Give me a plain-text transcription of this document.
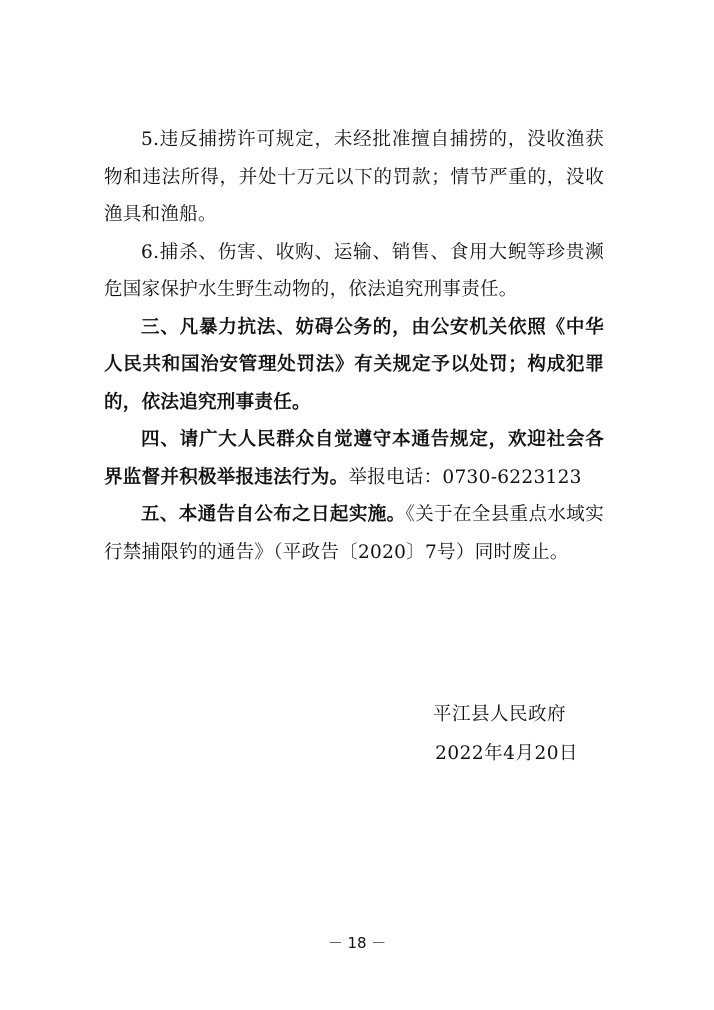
5.违反捕捞许可规定，未经批准擅自捕捞的，没收渔获物和违法所得，并处十万元以下的罚款；情节严重的，没收渔具和渔船。

6.捕杀、伤害、收购、运输、销售、食用大鲵等珍贵濒危国家保护水生野生动物的，依法追究刑事责任。

三、凡暴力抗法、妨碍公务的，由公安机关依照《中华人民共和国治安管理处罚法》有关规定予以处罚；构成犯罪的，依法追究刑事责任。

四、请广大人民群众自觉遵守本通告规定，欢迎社会各界监督并积极举报违法行为。举报电话：0730-6223123

五、本通告自公布之日起实施。《关于在全县重点水域实行禁捕限钓的通告》（平政告〔2020〕7号）同时废止。

平江县人民政府
2022年4月20日
－ 18 －
